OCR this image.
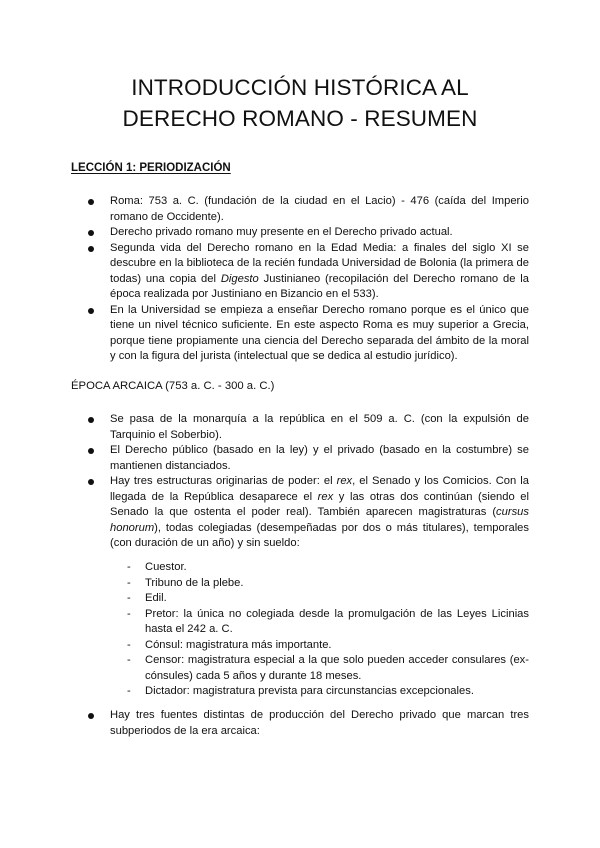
INTRODUCCIÓN HISTÓRICA AL
DERECHO ROMANO - RESUMEN
LECCIÓN 1: PERIODIZACIÓN
Roma: 753 a. C. (fundación de la ciudad en el Lacio) - 476 (caída del Imperio romano de Occidente).
Derecho privado romano muy presente en el Derecho privado actual.
Segunda vida del Derecho romano en la Edad Media: a finales del siglo XI se descubre en la biblioteca de la recién fundada Universidad de Bolonia (la primera de todas) una copia del Digesto Justinianeo (recopilación del Derecho romano de la época realizada por Justiniano en Bizancio en el 533).
En la Universidad se empieza a enseñar Derecho romano porque es el único que tiene un nivel técnico suficiente. En este aspecto Roma es muy superior a Grecia, porque tiene propiamente una ciencia del Derecho separada del ámbito de la moral y con la figura del jurista (intelectual que se dedica al estudio jurídico).
ÉPOCA ARCAICA (753 a. C. - 300 a. C.)
Se pasa de la monarquía a la república en el 509 a. C. (con la expulsión de Tarquinio el Soberbio).
El Derecho público (basado en la ley) y el privado (basado en la costumbre) se mantienen distanciados.
Hay tres estructuras originarias de poder: el rex, el Senado y los Comicios. Con la llegada de la República desaparece el rex y las otras dos continúan (siendo el Senado la que ostenta el poder real). También aparecen magistraturas (cursus honorum), todas colegiadas (desempeñadas por dos o más titulares), temporales (con duración de un año) y sin sueldo:
- Cuestor.
- Tribuno de la plebe.
- Edil.
- Pretor: la única no colegiada desde la promulgación de las Leyes Licinias hasta el 242 a. C.
- Cónsul: magistratura más importante.
- Censor: magistratura especial a la que solo pueden acceder consulares (ex-cónsules) cada 5 años y durante 18 meses.
- Dictador: magistratura prevista para circunstancias excepcionales.
Hay tres fuentes distintas de producción del Derecho privado que marcan tres subperiodos de la era arcaica:
